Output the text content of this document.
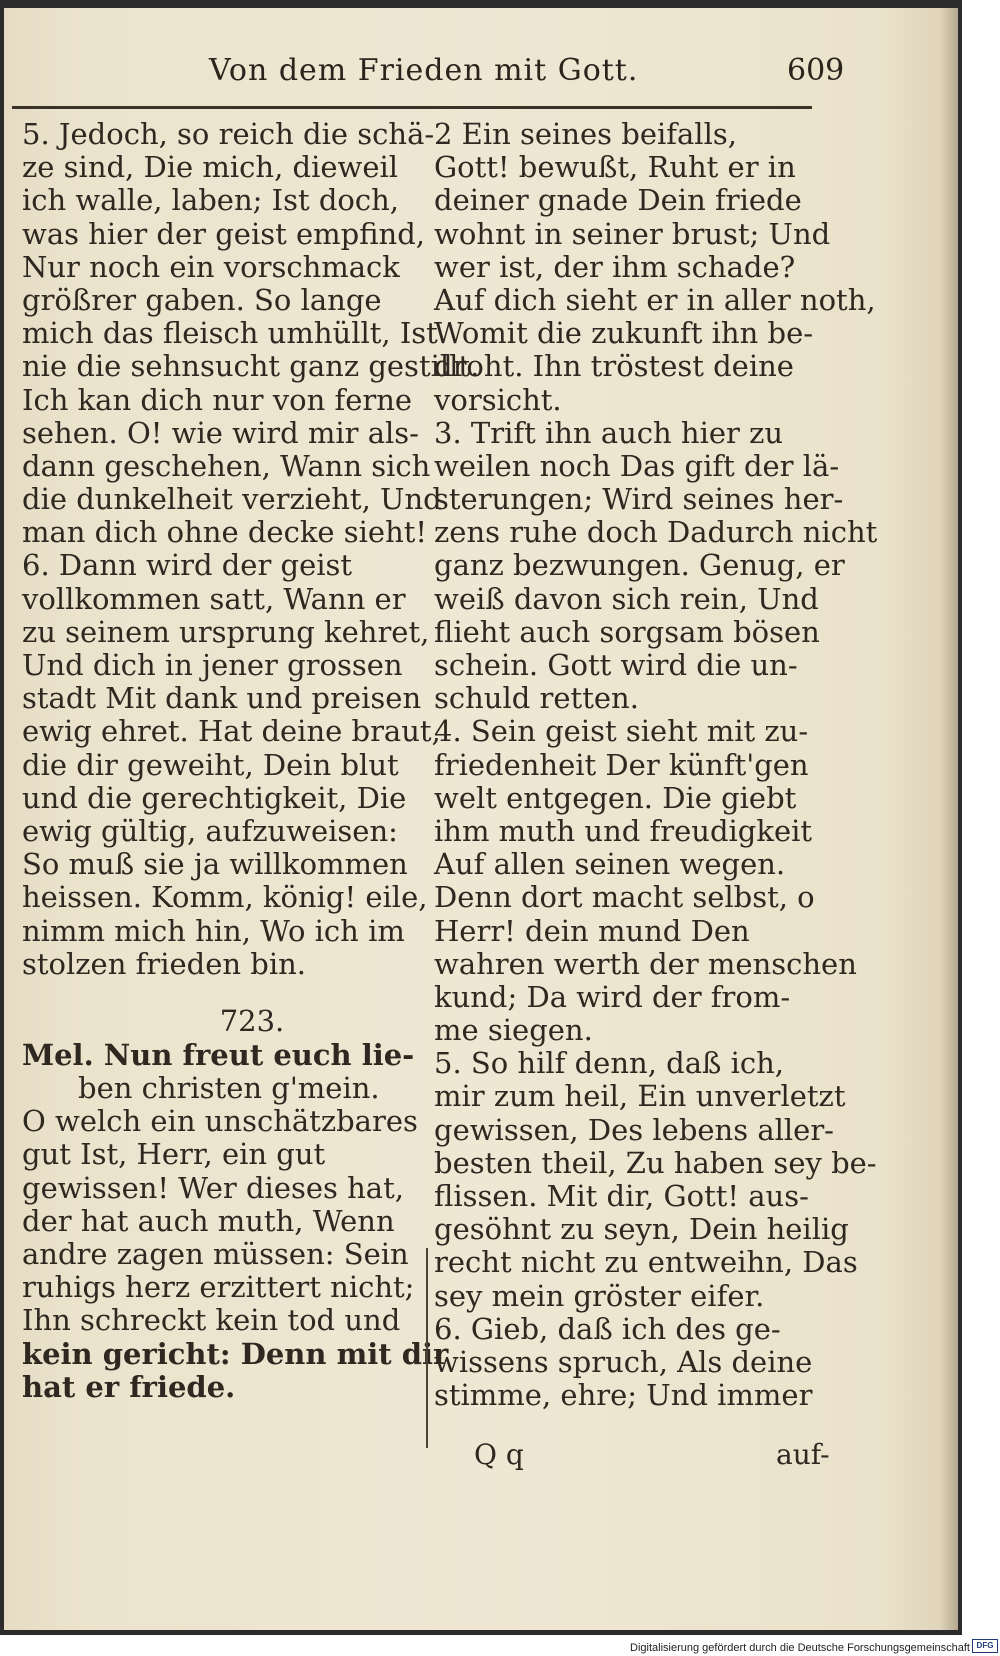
Von dem Frieden mit Gott.	609
5. Jedoch, so reich die schä-
ze sind, Die mich, dieweil
ich walle, laben; Ist doch,
was hier der geist empfind,
Nur noch ein vorschmack
größrer gaben. So lange
mich das fleisch umhüllt, Ist
nie die sehnsucht ganz gestillt.
Ich kan dich nur von ferne
sehen. O! wie wird mir als-
dann geschehen, Wann sich
die dunkelheit verzieht, Und
man dich ohne decke sieht!
6. Dann wird der geist
vollkommen satt, Wann er
zu seinem ursprung kehret,
Und dich in jener grossen
stadt Mit dank und preisen
ewig ehret. Hat deine braut,
die dir geweiht, Dein blut
und die gerechtigkeit, Die
ewig gültig, aufzuweisen:
So muß sie ja willkommen
heissen. Komm, könig! eile,
nimm mich hin, Wo ich im
stolzen frieden bin.
723.
Mel. Nun freut euch lie-
ben christen g'mein.
O welch ein unschätzbares
gut Ist, Herr, ein gut
gewissen! Wer dieses hat,
der hat auch muth, Wenn
andre zagen müssen: Sein
ruhigs herz erzittert nicht;
Ihn schreckt kein tod und
kein gericht: Denn mit dir
hat er friede.
2 Ein seines beifalls,
Gott! bewußt, Ruht er in
deiner gnade Dein friede
wohnt in seiner brust; Und
wer ist, der ihm schade?
Auf dich sieht er in aller noth,
Womit die zukunft ihn be-
droht. Ihn tröstest deine
vorsicht.
3. Trift ihn auch hier zu
weilen noch Das gift der lä-
sterungen; Wird seines her-
zens ruhe doch Dadurch nicht
ganz bezwungen. Genug, er
weiß davon sich rein, Und
flieht auch sorgsam bösen
schein. Gott wird die un-
schuld retten.
4. Sein geist sieht mit zu-
friedenheit Der künft'gen
welt entgegen. Die giebt
ihm muth und freudigkeit
Auf allen seinen wegen.
Denn dort macht selbst, o
Herr! dein mund Den
wahren werth der menschen
kund; Da wird der from-
me siegen.
5. So hilf denn, daß ich,
mir zum heil, Ein unverletzt
gewissen, Des lebens aller-
besten theil, Zu haben sey be-
flissen. Mit dir, Gott! aus-
gesöhnt zu seyn, Dein heilig
recht nicht zu entweihn, Das
sey mein gröster eifer.
6. Gieb, daß ich des ge-
wissens spruch, Als deine
stimme, ehre; Und immer
Q q	auf-
Digitalisierung gefördert durch die Deutsche Forschungsgemeinschaft DFG
